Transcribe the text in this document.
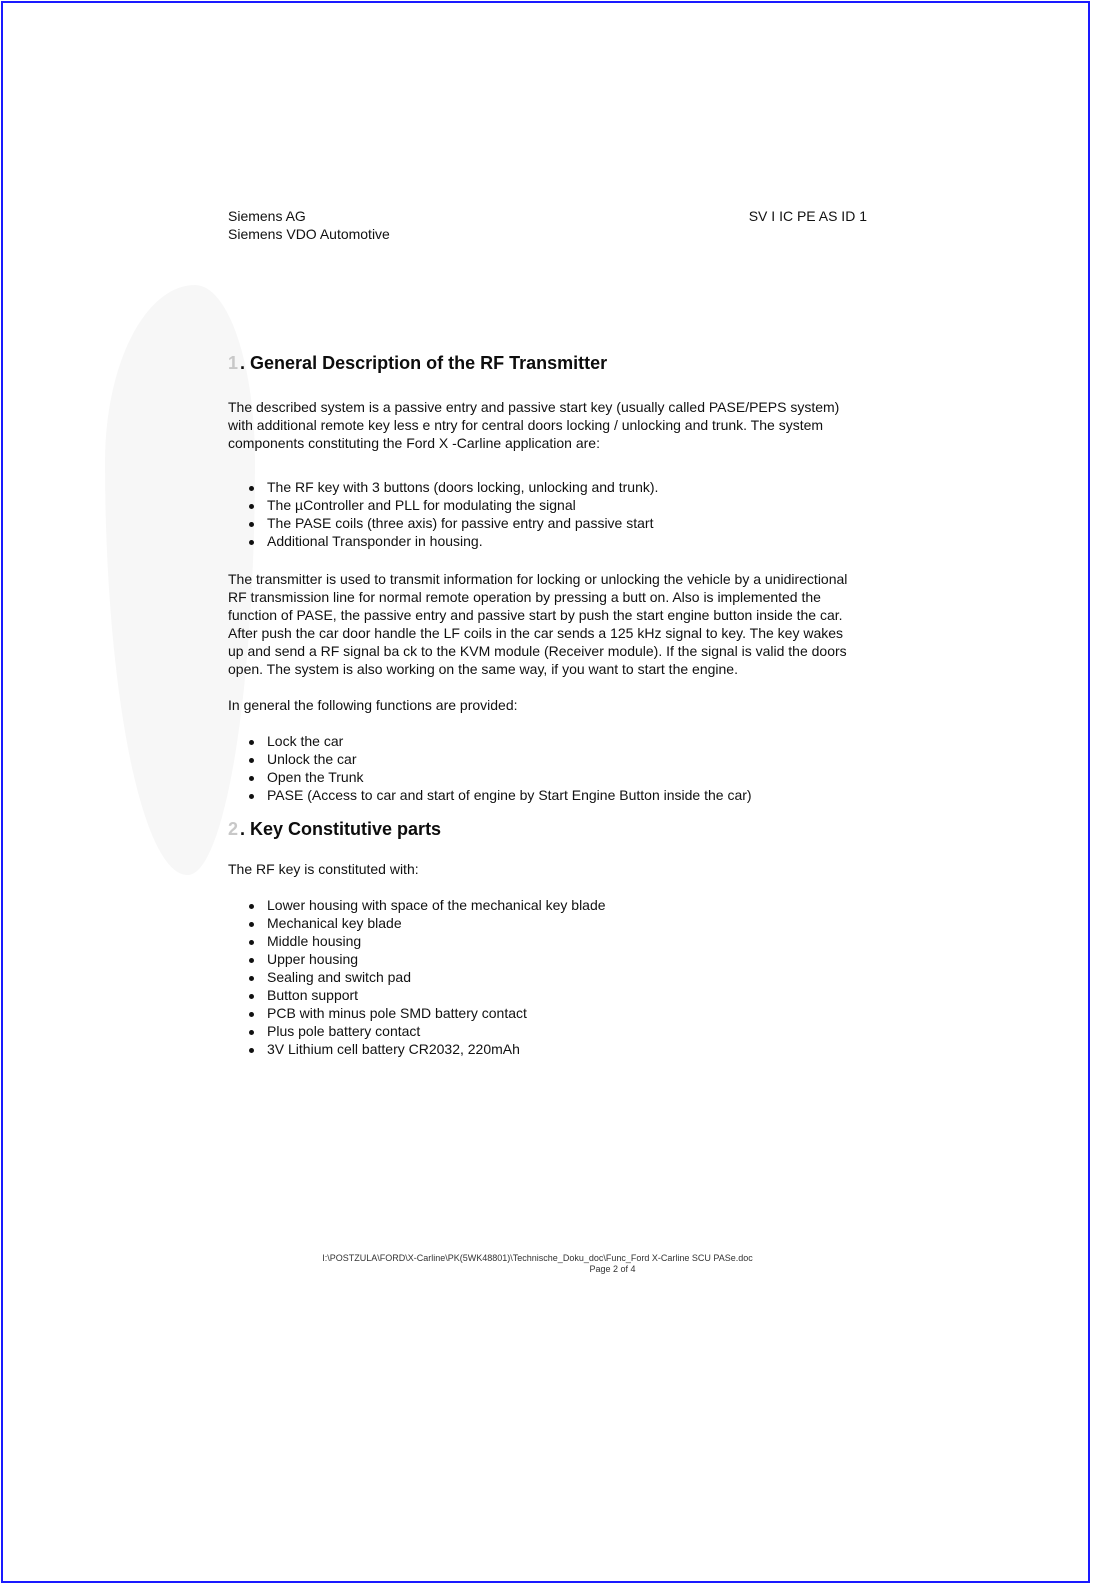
Siemens AG
Siemens VDO Automotive
SV I IC PE AS ID 1
1 . General Description of the RF Transmitter

The described system is a passive entry and passive start key (usually called PASE/PEPS system) with additional remote key less e ntry for central doors locking / unlocking and trunk. The system components constituting the Ford X -Carline application are:

The RF key with 3 buttons (doors locking, unlocking and trunk).
The µController and PLL for modulating the signal
The PASE coils (three axis) for passive entry and passive start
Additional Transponder in housing.

The transmitter is used to transmit information for locking or unlocking the vehicle by a unidirectional RF transmission line for normal remote operation by pressing a butt on. Also is implemented the function of PASE, the passive entry and passive start by push the start engine button inside the car. After push the car door handle the LF coils in the car sends a 125 kHz signal to key. The key wakes up and send a RF signal ba ck to the KVM module (Receiver module). If the signal is valid the doors open. The system is also working on the same way, if you want to start the engine.

In general the following functions are provided:

Lock the car
Unlock the car
Open the Trunk
PASE (Access to car and start of engine by Start Engine Button inside the car)
2 . Key Constitutive parts

The RF key is constituted with:

Lower housing with space of the mechanical key blade
Mechanical key blade
Middle housing
Upper housing
Sealing and switch pad
Button support
PCB with minus pole SMD battery contact
Plus pole battery contact
3V Lithium cell battery CR2032, 220mAh
I:\POSTZULA\FORD\X-Carline\PK(5WK48801)\Technische_Doku_doc\Func_Ford X-Carline SCU PASe.doc
Page 2 of 4
